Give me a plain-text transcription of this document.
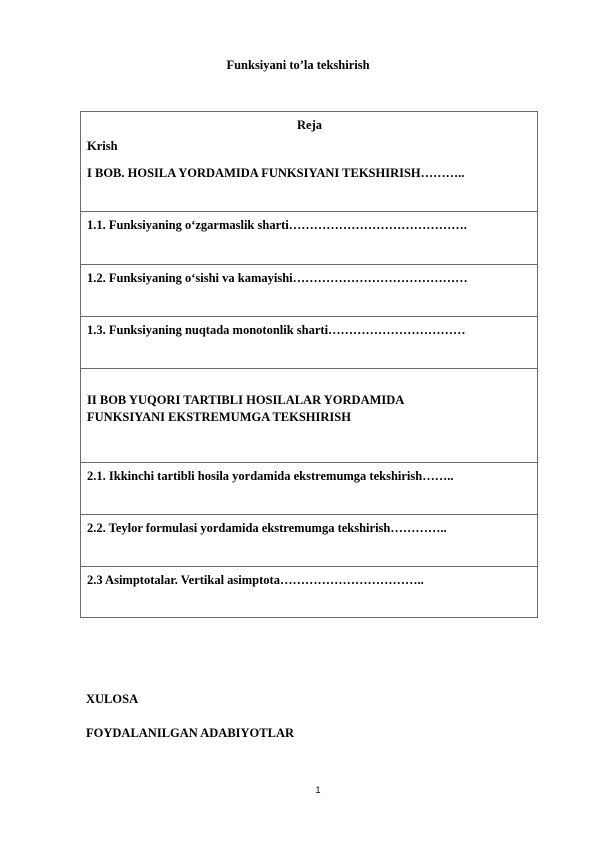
Funksiyani to’la tekshirish
Reja
Krish
I BOB. HOSILA YORDAMIDA FUNKSIYANI TEKSHIRISH………..
1.1. Funksiyaning o‘zgarmaslik sharti…………………………………….
1.2. Funksiyaning o‘sishi va kamayishi……………………………………
1.3. Funksiyaning nuqtada monotonlik sharti……………………………
II BOB YUQORI TARTIBLI HOSILALAR YORDAMIDA
FUNKSIYANI EKSTREMUMGA TEKSHIRISH
2.1. Ikkinchi tartibli hosila yordamida ekstremumga tekshirish……..
2.2. Teylor formulasi yordamida ekstremumga tekshirish…………..
2.3 Asimptotalar. Vertikal asimptota……………………………..
XULOSA
FOYDALANILGAN ADABIYOTLAR
1
